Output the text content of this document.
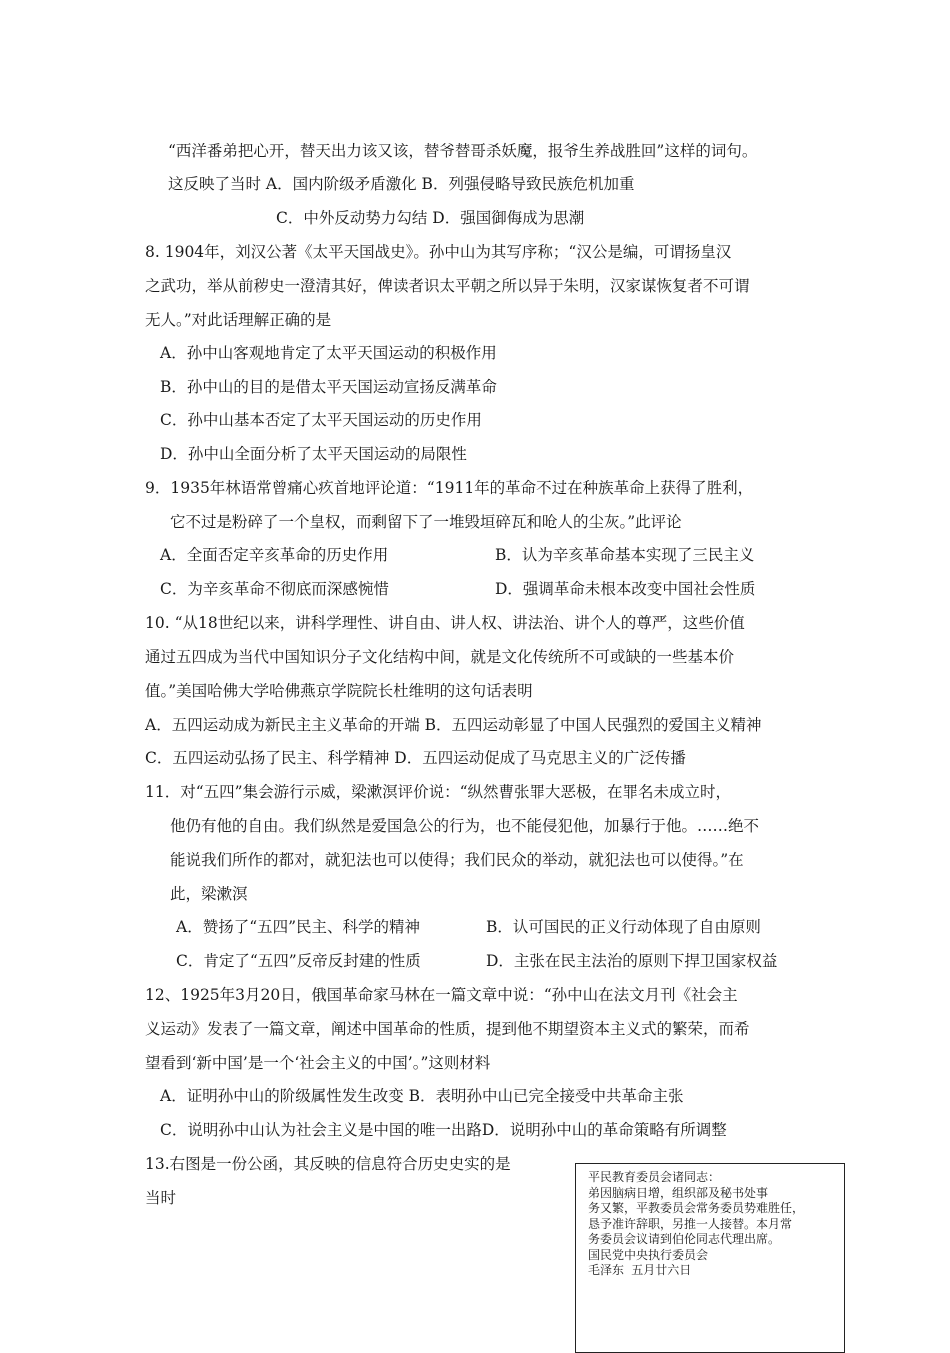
“西洋番弟把心开，替天出力该又该，替爷替哥杀妖魔，报爷生养战胜回”这样的词句。
这反映了当时 A．国内阶级矛盾激化 B．列强侵略导致民族危机加重
C．中外反动势力勾结 D．强国御侮成为思潮
8. 1904年，刘汉公著《太平天国战史》。孙中山为其写序称；“汉公是编，可谓扬皇汉
之武功，举从前秽史一澄清其好，俾读者识太平朝之所以异于朱明，汉家谋恢复者不可谓
无人。”对此话理解正确的是
A．孙中山客观地肯定了太平天国运动的积极作用
B．孙中山的目的是借太平天国运动宣扬反满革命
C．孙中山基本否定了太平天国运动的历史作用
D．孙中山全面分析了太平天国运动的局限性
9．1935年林语常曾痛心疚首地评论道：“1911年的革命不过在种族革命上获得了胜利，
它不过是粉碎了一个皇权，而剩留下了一堆毁垣碎瓦和呛人的尘灰。”此评论
A．全面否定辛亥革命的历史作用	B．认为辛亥革命基本实现了三民主义
C．为辛亥革命不彻底而深感惋惜	D．强调革命未根本改变中国社会性质
10. “从18世纪以来，讲科学理性、讲自由、讲人权、讲法治、讲个人的尊严，这些价值
通过五四成为当代中国知识分子文化结构中间，就是文化传统所不可或缺的一些基本价
值。”美国哈佛大学哈佛燕京学院院长杜维明的这句话表明
A．五四运动成为新民主主义革命的开端 B．五四运动彰显了中国人民强烈的爱国主义精神
C．五四运动弘扬了民主、科学精神 D．五四运动促成了马克思主义的广泛传播
11．对“五四”集会游行示威，梁漱溟评价说：“纵然曹张罪大恶极，在罪名未成立时，
他仍有他的自由。我们纵然是爱国急公的行为，也不能侵犯他，加暴行于他。……绝不
能说我们所作的都对，就犯法也可以使得；我们民众的举动，就犯法也可以使得。”在
此，梁漱溟
A．赞扬了“五四”民主、科学的精神	B．认可国民的正义行动体现了自由原则
C．肯定了“五四”反帝反封建的性质	D．主张在民主法治的原则下捍卫国家权益
12、1925年3月20日，俄国革命家马林在一篇文章中说：“孙中山在法文月刊《社会主
义运动》发表了一篇文章，阐述中国革命的性质，提到他不期望资本主义式的繁荣，而希
望看到‘新中国’是一个‘社会主义的中国’。”这则材料
A．证明孙中山的阶级属性发生改变 B．表明孙中山已完全接受中共革命主张
C．说明孙中山认为社会主义是中国的唯一出路D．说明孙中山的革命策略有所调整
13.右图是一份公函，其反映的信息符合历史史实的是
当时
平民教育委员会诸同志：
弟因脑病日增，组织部及秘书处事
务又繁，平教委员会常务委员势难胜任，
恳予准许辞职，另推一人接替。本月常
务委员会议请到伯伦同志代理出席。
国民党中央执行委员会
毛泽东 五月廿六日
